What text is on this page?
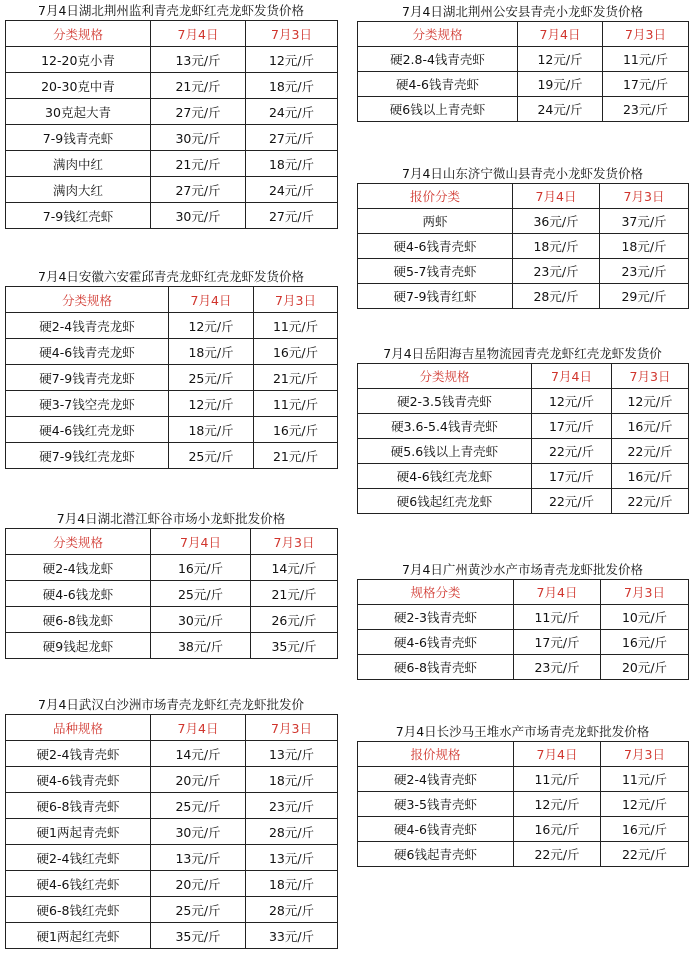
7月4日湖北荆州监利青壳龙虾红壳龙虾发货价格
分类规格	7月4日	7月3日
12-20克小青	13元/斤	12元/斤
20-30克中青	21元/斤	18元/斤
30克起大青	27元/斤	24元/斤
7-9钱青壳虾	30元/斤	27元/斤
满肉中红	21元/斤	18元/斤
满肉大红	27元/斤	24元/斤
7-9钱红壳虾	30元/斤	27元/斤
7月4日安徽六安霍邱青壳龙虾红壳龙虾发货价格
分类规格	7月4日	7月3日
硬2-4钱青壳龙虾	12元/斤	11元/斤
硬4-6钱青壳龙虾	18元/斤	16元/斤
硬7-9钱青壳龙虾	25元/斤	21元/斤
硬3-7钱空壳龙虾	12元/斤	11元/斤
硬4-6钱红壳龙虾	18元/斤	16元/斤
硬7-9钱红壳龙虾	25元/斤	21元/斤
7月4日湖北潜江虾谷市场小龙虾批发价格
分类规格	7月4日	7月3日
硬2-4钱龙虾	16元/斤	14元/斤
硬4-6钱龙虾	25元/斤	21元/斤
硬6-8钱龙虾	30元/斤	26元/斤
硬9钱起龙虾	38元/斤	35元/斤
7月4日武汉白沙洲市场青壳龙虾红壳龙虾批发价
品种规格	7月4日	7月3日
硬2-4钱青壳虾	14元/斤	13元/斤
硬4-6钱青壳虾	20元/斤	18元/斤
硬6-8钱青壳虾	25元/斤	23元/斤
硬1两起青壳虾	30元/斤	28元/斤
硬2-4钱红壳虾	13元/斤	13元/斤
硬4-6钱红壳虾	20元/斤	18元/斤
硬6-8钱红壳虾	25元/斤	28元/斤
硬1两起红壳虾	35元/斤	33元/斤
7月4日湖北荆州公安县青壳小龙虾发货价格
分类规格	7月4日	7月3日
硬2.8-4钱青壳虾	12元/斤	11元/斤
硬4-6钱青壳虾	19元/斤	17元/斤
硬6钱以上青壳虾	24元/斤	23元/斤
7月4日山东济宁微山县青壳小龙虾发货价格
报价分类	7月4日	7月3日
两虾	36元/斤	37元/斤
硬4-6钱青壳虾	18元/斤	18元/斤
硬5-7钱青壳虾	23元/斤	23元/斤
硬7-9钱青红虾	28元/斤	29元/斤
7月4日岳阳海吉星物流园青壳龙虾红壳龙虾发货价
分类规格	7月4日	7月3日
硬2-3.5钱青壳虾	12元/斤	12元/斤
硬3.6-5.4钱青壳虾	17元/斤	16元/斤
硬5.6钱以上青壳虾	22元/斤	22元/斤
硬4-6钱红壳龙虾	17元/斤	16元/斤
硬6钱起红壳龙虾	22元/斤	22元/斤
7月4日广州黄沙水产市场青壳龙虾批发价格
规格分类	7月4日	7月3日
硬2-3钱青壳虾	11元/斤	10元/斤
硬4-6钱青壳虾	17元/斤	16元/斤
硬6-8钱青壳虾	23元/斤	20元/斤
7月4日长沙马王堆水产市场青壳龙虾批发价格
报价规格	7月4日	7月3日
硬2-4钱青壳虾	11元/斤	11元/斤
硬3-5钱青壳虾	12元/斤	12元/斤
硬4-6钱青壳虾	16元/斤	16元/斤
硬6钱起青壳虾	22元/斤	22元/斤
